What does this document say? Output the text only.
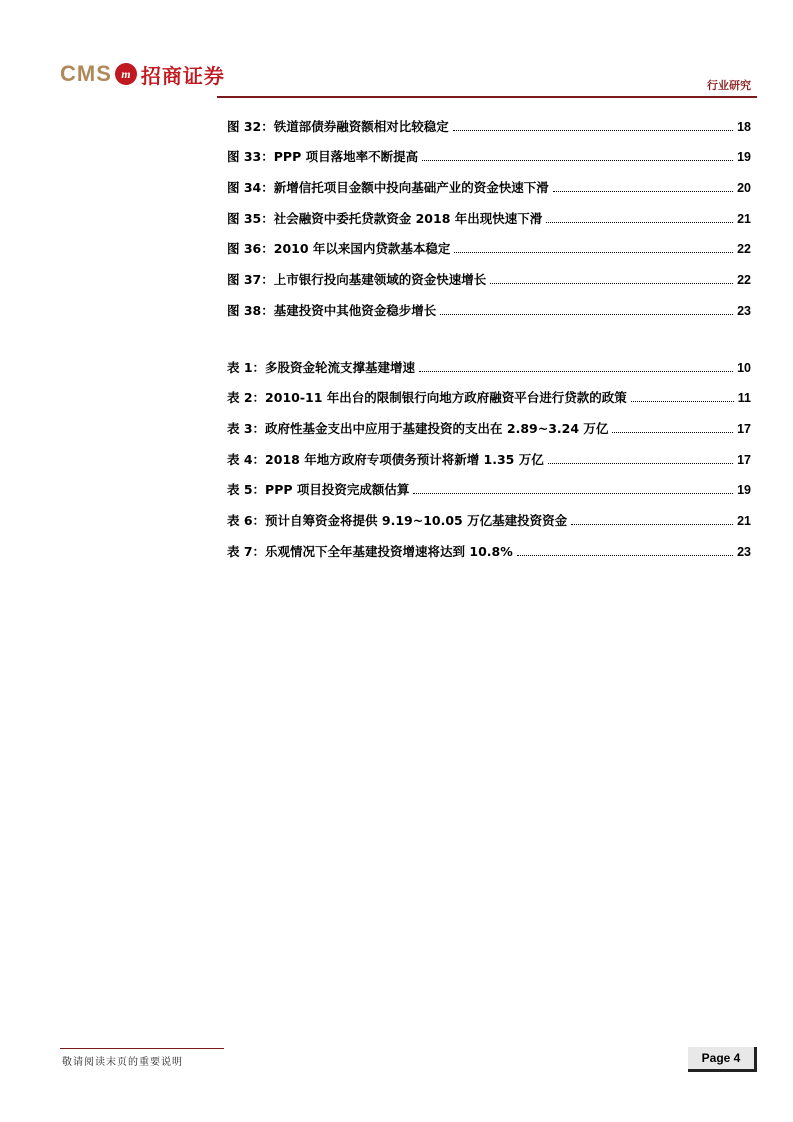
CMS m 招商证券	行业研究
图 32：铁道部债券融资额相对比较稳定	18
图 33：PPP 项目落地率不断提高	19
图 34：新增信托项目金额中投向基础产业的资金快速下滑	20
图 35：社会融资中委托贷款资金 2018 年出现快速下滑	21
图 36：2010 年以来国内贷款基本稳定	22
图 37：上市银行投向基建领域的资金快速增长	22
图 38：基建投资中其他资金稳步增长	23
表 1：多股资金轮流支撑基建增速	10
表 2：2010-11 年出台的限制银行向地方政府融资平台进行贷款的政策	11
表 3：政府性基金支出中应用于基建投资的支出在 2.89~3.24 万亿	17
表 4：2018 年地方政府专项债务预计将新增 1.35 万亿	17
表 5：PPP 项目投资完成额估算	19
表 6：预计自筹资金将提供 9.19~10.05 万亿基建投资资金	21
表 7：乐观情况下全年基建投资增速将达到 10.8%	23
敬请阅读末页的重要说明	Page 4
